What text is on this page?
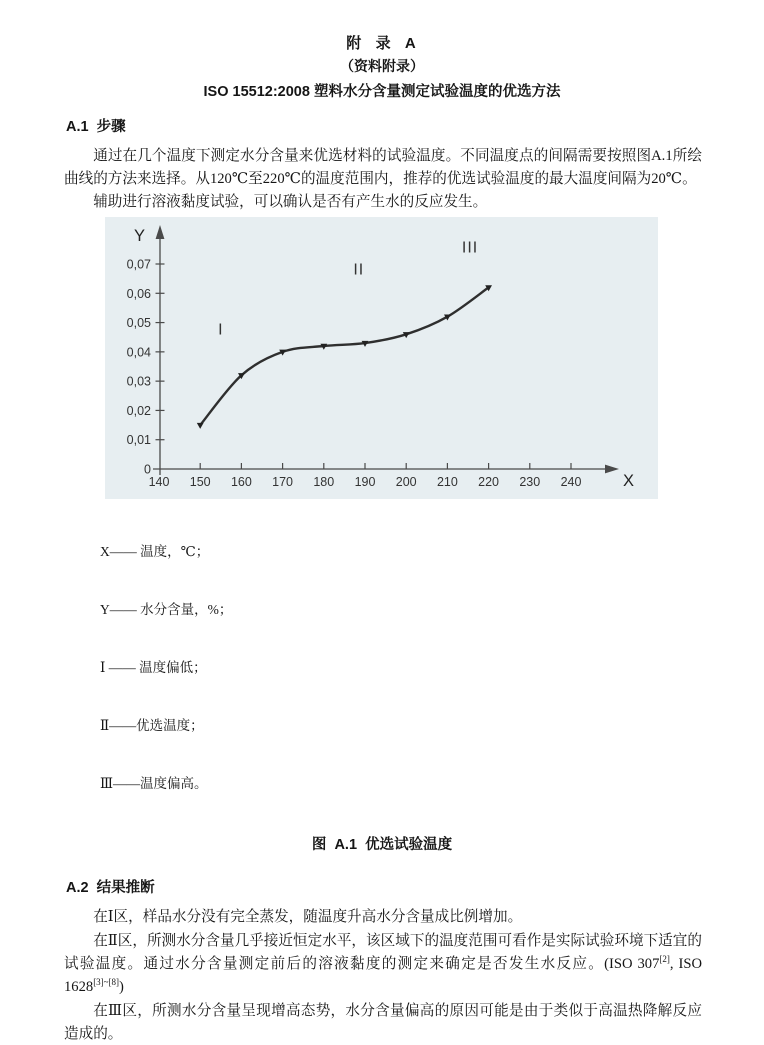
附  录  A
（资料附录）
ISO 15512:2008 塑料水分含量测定试验温度的优选方法
A.1  步骤

通过在几个温度下测定水分含量来优选材料的试验温度。不同温度点的间隔需要按照图A.1所绘曲线的方法来选择。从120℃至220℃的温度范围内，推荐的优选试验温度的最大温度间隔为20℃。

辅助进行溶液黏度试验，可以确认是否有产生水的反应发生。

140 150 160 170 180 190 200 210 220 230 240
0
0,01
0,02
0,03
0,04
0,05
0,06
0,07
Y
X
I
II
III

X—— 温度，℃；

Y—— 水分含量，%；

Ⅰ —— 温度偏低；

Ⅱ——优选温度；

Ⅲ——温度偏高。

图  A.1  优选试验温度
A.2  结果推断

在Ⅰ区，样品水分没有完全蒸发，随温度升高水分含量成比例增加。

在Ⅱ区，所测水分含量几乎接近恒定水平，该区域下的温度范围可看作是实际试验环境下适宜的试验温度。通过水分含量测定前后的溶液黏度的测定来确定是否发生水反应。(ISO 307[2], ISO 1628[3]~[8])

在Ⅲ区，所测水分含量呈现增高态势，水分含量偏高的原因可能是由于类似于高温热降解反应造成的。
